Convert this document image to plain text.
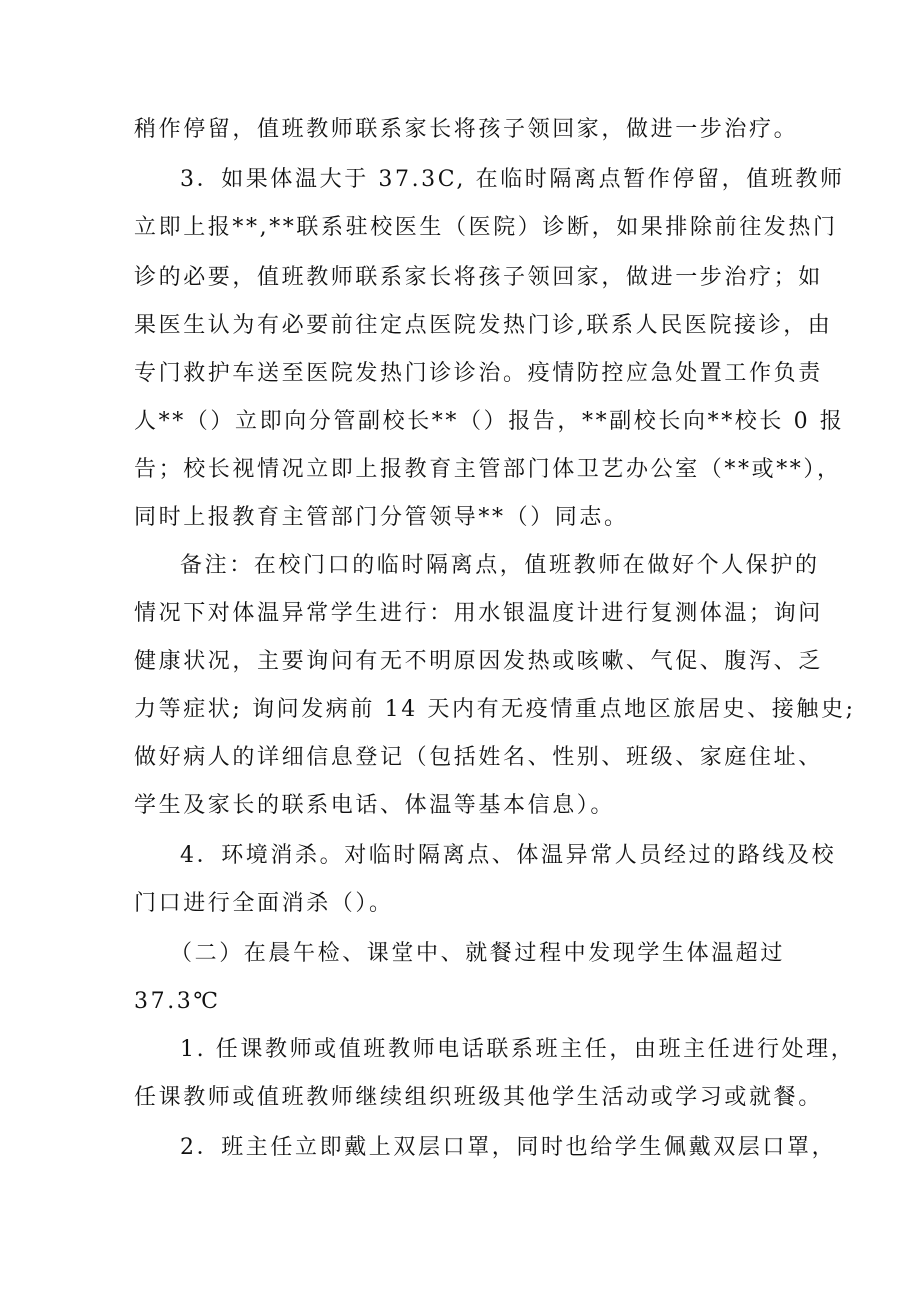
稍作停留，值班教师联系家长将孩子领回家，做进一步治疗。
3．如果体温大于 37.3C, 在临时隔离点暂作停留，值班教师
立即上报**,**联系驻校医生（医院）诊断，如果排除前往发热门
诊的必要，值班教师联系家长将孩子领回家，做进一步治疗；如
果医生认为有必要前往定点医院发热门诊,联系人民医院接诊，由
专门救护车送至医院发热门诊诊治。疫情防控应急处置工作负责
人**（）立即向分管副校长**（）报告，**副校长向**校长 0 报
告；校长视情况立即上报教育主管部门体卫艺办公室（**或**），
同时上报教育主管部门分管领导**（）同志。
备注：在校门口的临时隔离点，值班教师在做好个人保护的
情况下对体温异常学生进行：用水银温度计进行复测体温；询问
健康状况，主要询问有无不明原因发热或咳嗽、气促、腹泻、乏
力等症状; 询问发病前 14 天内有无疫情重点地区旅居史、接触史;
做好病人的详细信息登记（包括姓名、性别、班级、家庭住址、
学生及家长的联系电话、体温等基本信息）。
4．环境消杀。对临时隔离点、体温异常人员经过的路线及校
门口进行全面消杀（）。
（二）在晨午检、课堂中、就餐过程中发现学生体温超过
37.3℃
1. 任课教师或值班教师电话联系班主任，由班主任进行处理，
任课教师或值班教师继续组织班级其他学生活动或学习或就餐。
2．班主任立即戴上双层口罩，同时也给学生佩戴双层口罩，
